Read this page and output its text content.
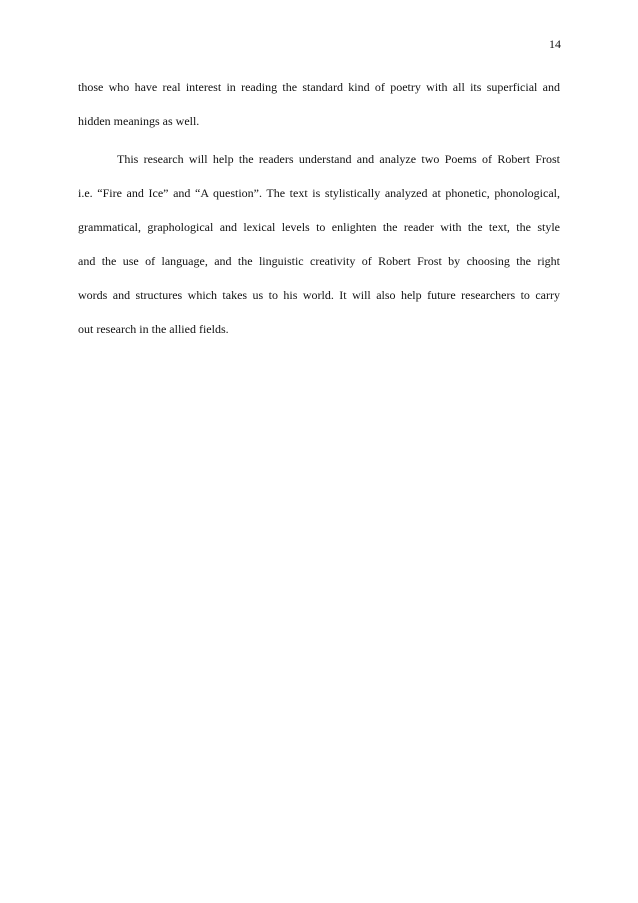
14
those who have real interest in reading the standard kind of poetry with all its superficial and
hidden meanings as well.
This research will help the readers understand and analyze two Poems of Robert Frost
i.e. “Fire and Ice” and “A question”. The text is stylistically analyzed at phonetic, phonological,
grammatical, graphological and lexical levels to enlighten the reader with the text, the style
and the use of language, and the linguistic creativity of Robert Frost by choosing the right
words and structures which takes us to his world. It will also help future researchers to carry
out research in the allied fields.
